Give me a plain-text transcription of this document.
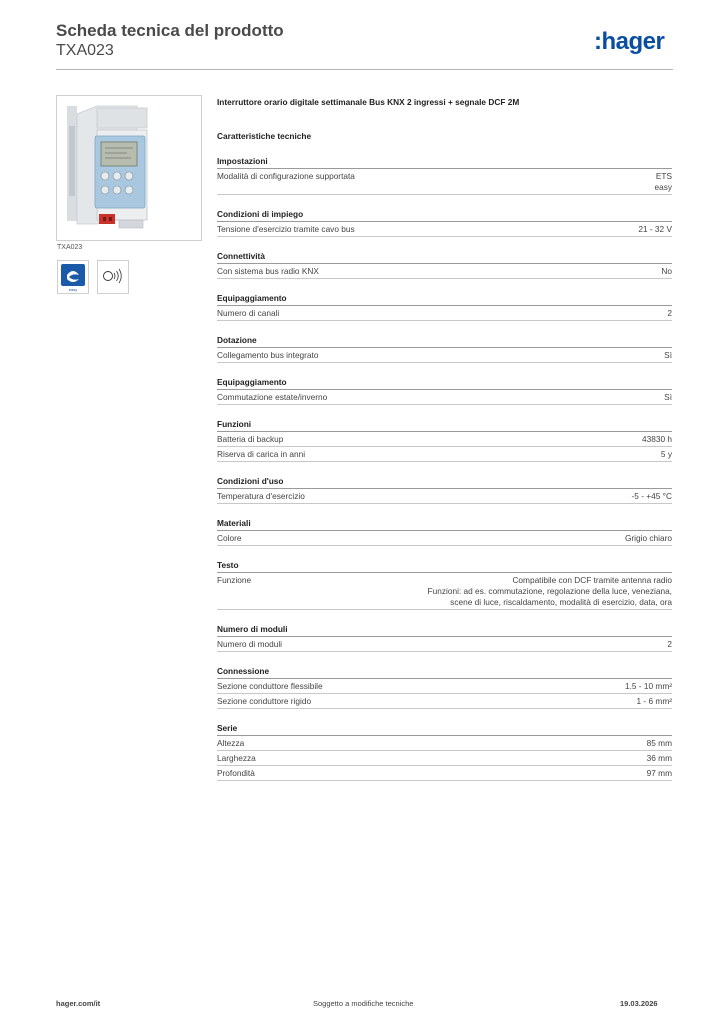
Scheda tecnica del prodotto
TXA023	:hager
TXA023
easy
Interruttore orario digitale settimanale Bus KNX 2 ingressi + segnale DCF 2M
Caratteristiche tecniche
Impostazioni
Modalità di configurazione supportata	ETS
easy
Condizioni di impiego
Tensione d'esercizio tramite cavo bus	21 - 32 V
Connettività
Con sistema bus radio KNX	No
Equipaggiamento
Numero di canali	2
Dotazione
Collegamento bus integrato	Sì
Equipaggiamento
Commutazione estate/inverno	Sì
Funzioni
Batteria di backup	43830 h
Riserva di carica in anni	5 y
Condizioni d'uso
Temperatura d'esercizio	-5 - +45 °C
Materiali
Colore	Grigio chiaro
Testo
Funzione	Compatibile con DCF tramite antenna radio
Funzioni: ad es. commutazione, regolazione della luce, veneziana,
scene di luce, riscaldamento, modalità di esercizio, data, ora
Numero di moduli
Numero di moduli	2
Connessione
Sezione conduttore flessibile	1.5 - 10 mm²
Sezione conduttore rigido	1 - 6 mm²
Serie
Altezza	85 mm
Larghezza	36 mm
Profondità	97 mm
hager.com/it	Soggetto a modifiche tecniche	19.03.2026
